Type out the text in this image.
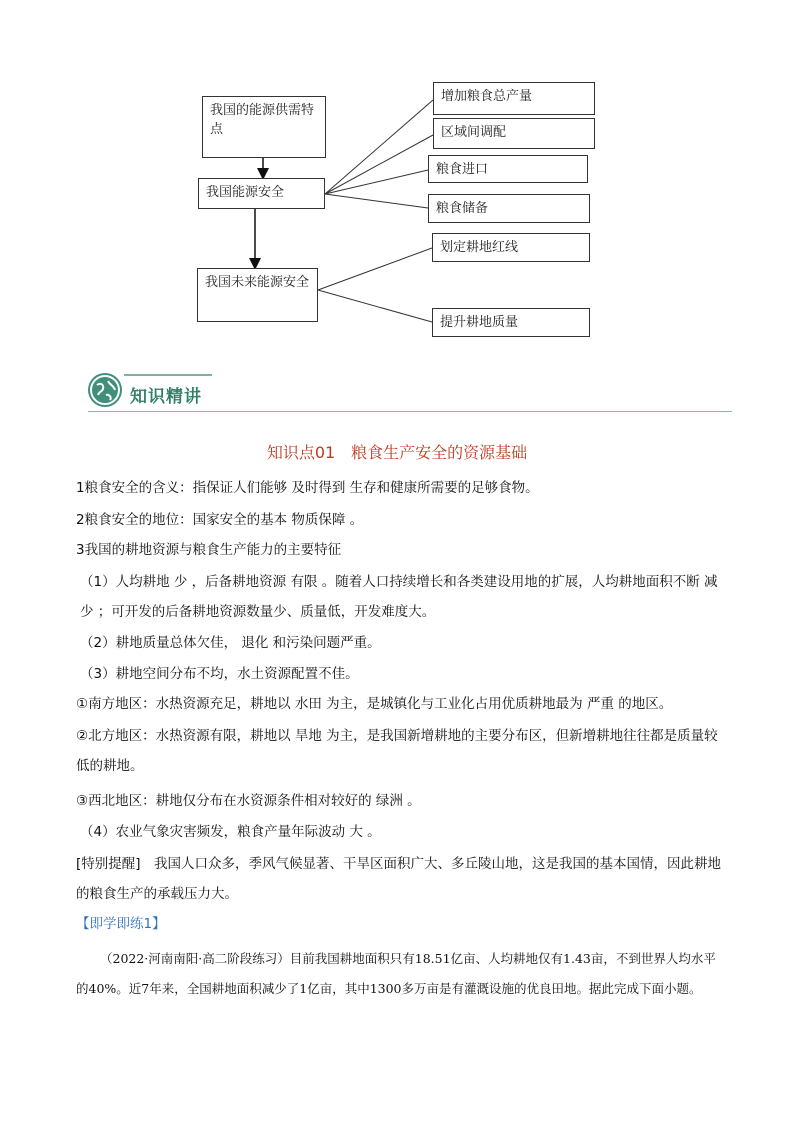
我国的能源供需特点
我国能源安全
我国未来能源安全
增加粮食总产量
区域间调配
粮食进口
粮食储备
划定耕地红线
提升耕地质量
知识精讲
知识点01　粮食生产安全的资源基础
1粮食安全的含义：指保证人们能够 及时得到 生存和健康所需要的足够食物。
2粮食安全的地位：国家安全的基本 物质保障 。
3我国的耕地资源与粮食生产能力的主要特征
（1）人均耕地 少 ，后备耕地资源 有限 。随着人口持续增长和各类建设用地的扩展，人均耕地面积不断 减少 ；可开发的后备耕地资源数量少、质量低，开发难度大。
（2）耕地质量总体欠佳， 退化 和污染问题严重。
（3）耕地空间分布不均，水土资源配置不佳。
①南方地区：水热资源充足，耕地以 水田 为主，是城镇化与工业化占用优质耕地最为 严重 的地区。
②北方地区：水热资源有限，耕地以 旱地 为主，是我国新增耕地的主要分布区，但新增耕地往往都是质量较低的耕地。
③西北地区：耕地仅分布在水资源条件相对较好的 绿洲 。
（4）农业气象灾害频发，粮食产量年际波动 大 。
[特别提醒]　我国人口众多，季风气候显著、干旱区面积广大、多丘陵山地，这是我国的基本国情，因此耕地的粮食生产的承载压力大。
【即学即练1】
（2022·河南南阳·高二阶段练习）目前我国耕地面积只有18.51亿亩、人均耕地仅有1.43亩，不到世界人均水平的40%。近7年来，全国耕地面积减少了1亿亩，其中1300多万亩是有灌溉设施的优良田地。据此完成下面小题。
